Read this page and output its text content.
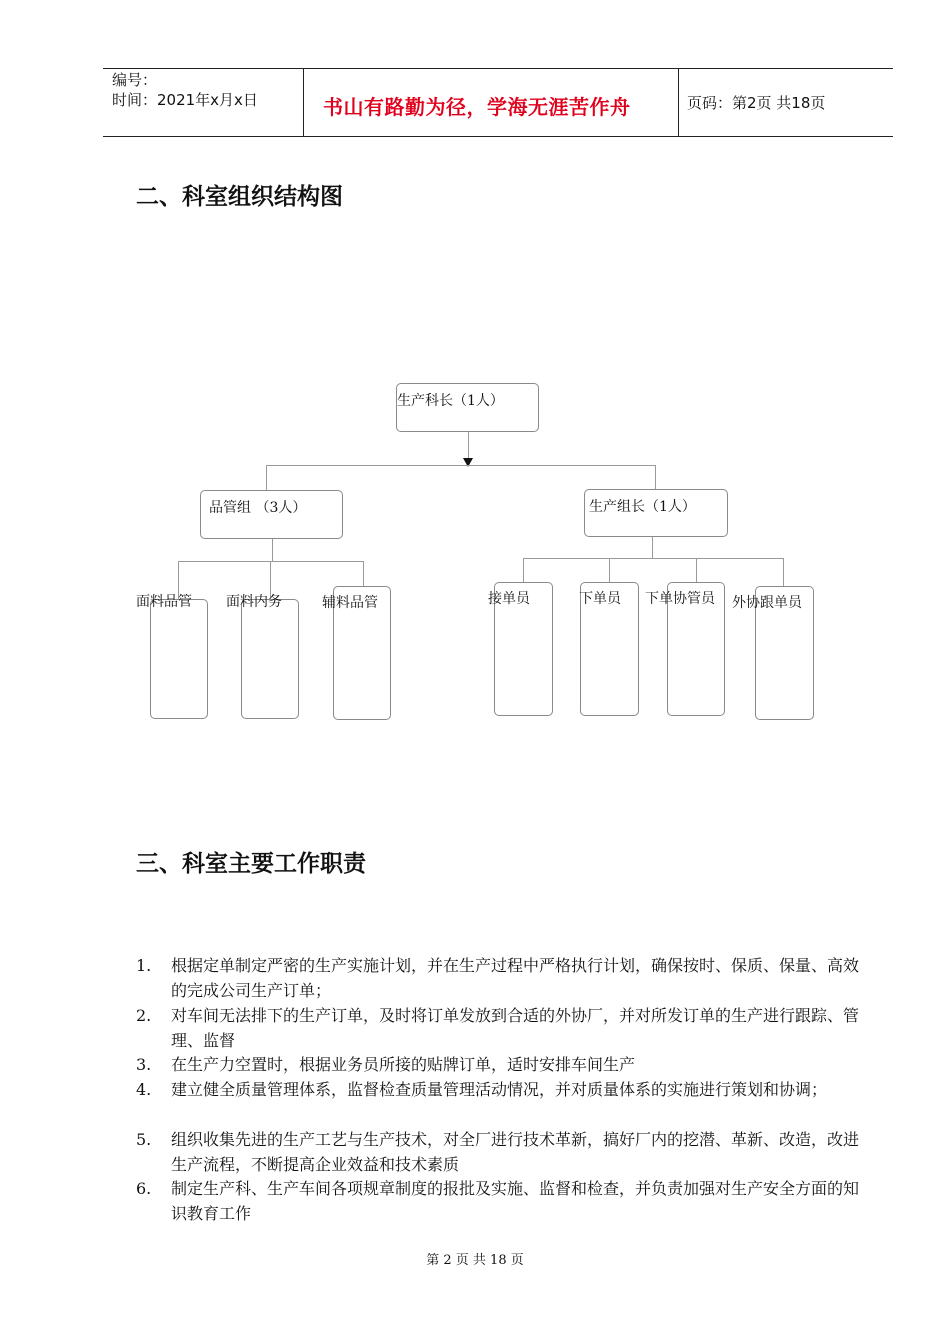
编号：
时间：2021年x月x日	书山有路勤为径，学海无涯苦作舟	页码：第2页 共18页
二、科室组织结构图
生产科长（1人）
品管组 （3人）	生产组长（1人）
面料品管 面料内务	辅料品管	接单员	下单员 下单协管员 外协跟单员
三、科室主要工作职责
1.	根据定单制定严密的生产实施计划，并在生产过程中严格执行计划，确保按时、保质、保量、高效的完成公司生产订单；
2.	对车间无法排下的生产订单，及时将订单发放到合适的外协厂，并对所发订单的生产进行跟踪、管理、监督
3.	在生产力空置时，根据业务员所接的贴牌订单，适时安排车间生产
4.	建立健全质量管理体系，监督检查质量管理活动情况，并对质量体系的实施进行策划和协调；
5.	组织收集先进的生产工艺与生产技术，对全厂进行技术革新，搞好厂内的挖潜、革新、改造，改进生产流程，不断提高企业效益和技术素质
6.	制定生产科、生产车间各项规章制度的报批及实施、监督和检查，并负责加强对生产安全方面的知识教育工作
第 2 页 共 18 页
